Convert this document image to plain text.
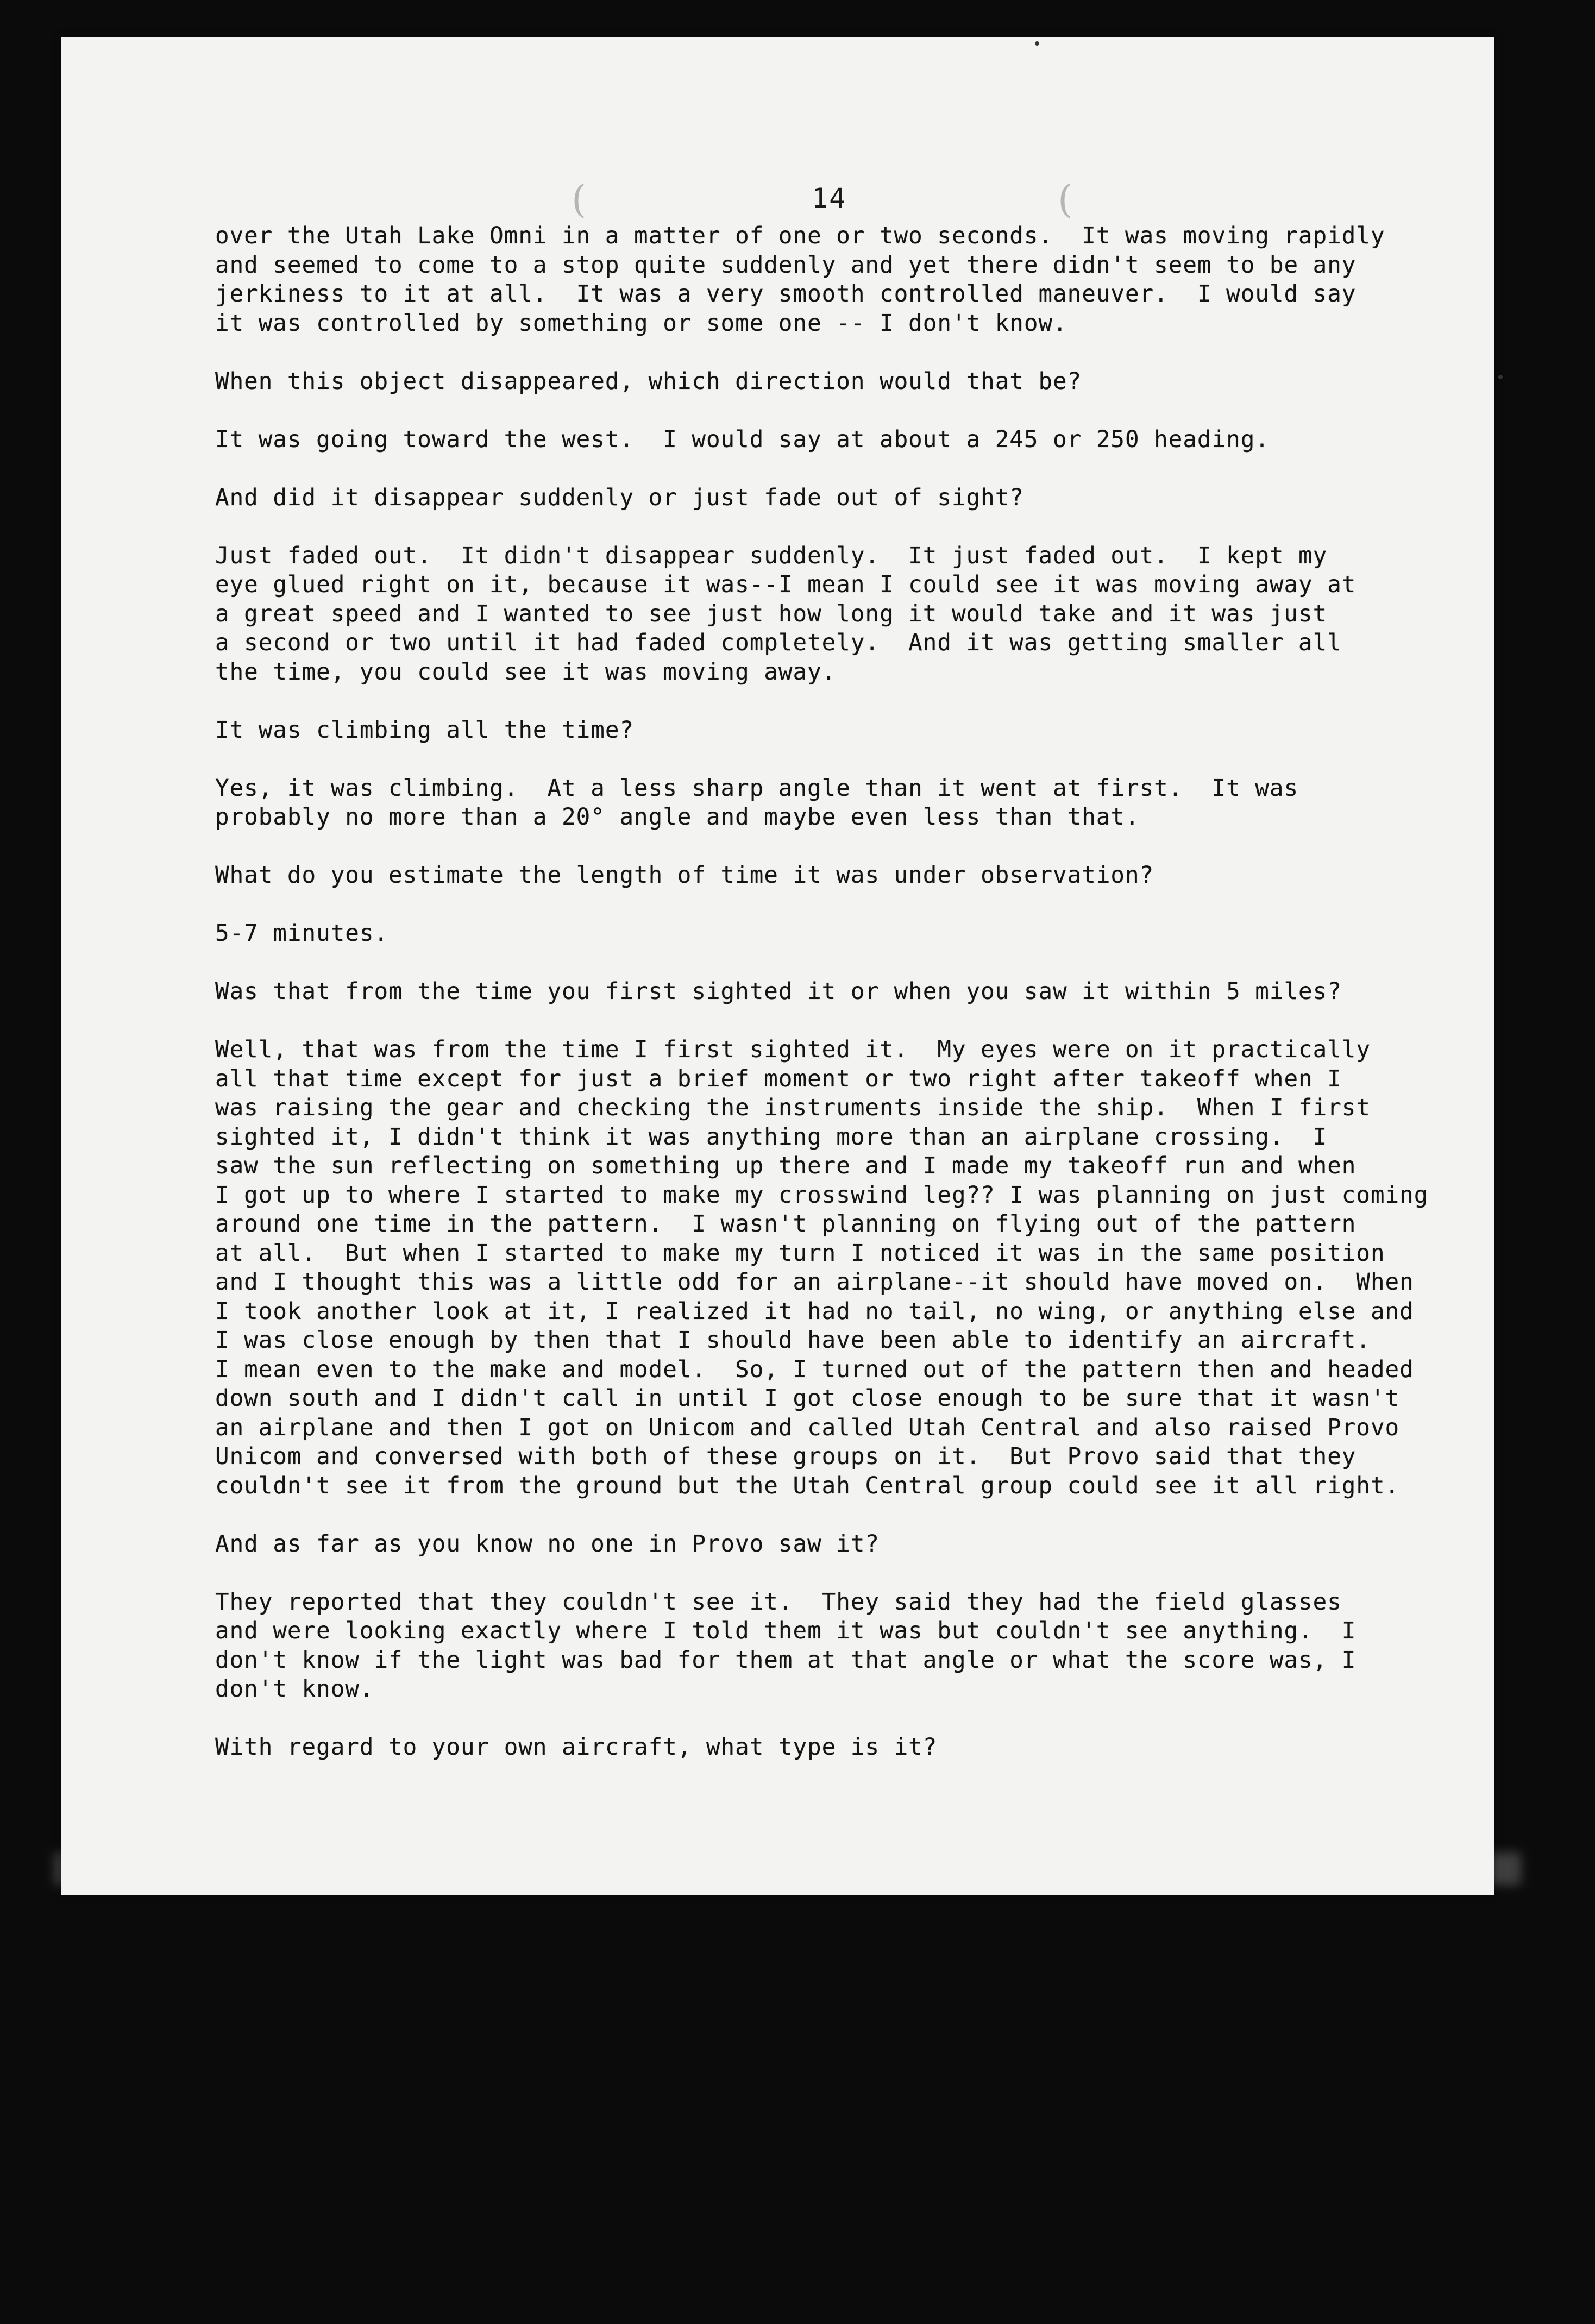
(	(
14
over the Utah Lake Omni in a matter of one or two seconds.  It was moving rapidly
and seemed to come to a stop quite suddenly and yet there didn't seem to be any
jerkiness to it at all.  It was a very smooth controlled maneuver.  I would say
it was controlled by something or some one -- I don't know.
When this object disappeared, which direction would that be?
It was going toward the west.  I would say at about a 245 or 250 heading.
And did it disappear suddenly or just fade out of sight?
Just faded out.  It didn't disappear suddenly.  It just faded out.  I kept my
eye glued right on it, because it was--I mean I could see it was moving away at
a great speed and I wanted to see just how long it would take and it was just
a second or two until it had faded completely.  And it was getting smaller all
the time, you could see it was moving away.
It was climbing all the time?
Yes, it was climbing.  At a less sharp angle than it went at first.  It was
probably no more than a 20° angle and maybe even less than that.
What do you estimate the length of time it was under observation?
5-7 minutes.
Was that from the time you first sighted it or when you saw it within 5 miles?
Well, that was from the time I first sighted it.  My eyes were on it practically
all that time except for just a brief moment or two right after takeoff when I
was raising the gear and checking the instruments inside the ship.  When I first
sighted it, I didn't think it was anything more than an airplane crossing.  I
saw the sun reflecting on something up there and I made my takeoff run and when
I got up to where I started to make my crosswind leg?? I was planning on just coming
around one time in the pattern.  I wasn't planning on flying out of the pattern
at all.  But when I started to make my turn I noticed it was in the same position
and I thought this was a little odd for an airplane--it should have moved on.  When
I took another look at it, I realized it had no tail, no wing, or anything else and
I was close enough by then that I should have been able to identify an aircraft.
I mean even to the make and model.  So, I turned out of the pattern then and headed
down south and I didn't call in until I got close enough to be sure that it wasn't
an airplane and then I got on Unicom and called Utah Central and also raised Provo
Unicom and conversed with both of these groups on it.  But Provo said that they
couldn't see it from the ground but the Utah Central group could see it all right.
And as far as you know no one in Provo saw it?
They reported that they couldn't see it.  They said they had the field glasses
and were looking exactly where I told them it was but couldn't see anything.  I
don't know if the light was bad for them at that angle or what the score was, I
don't know.
With regard to your own aircraft, what type is it?
